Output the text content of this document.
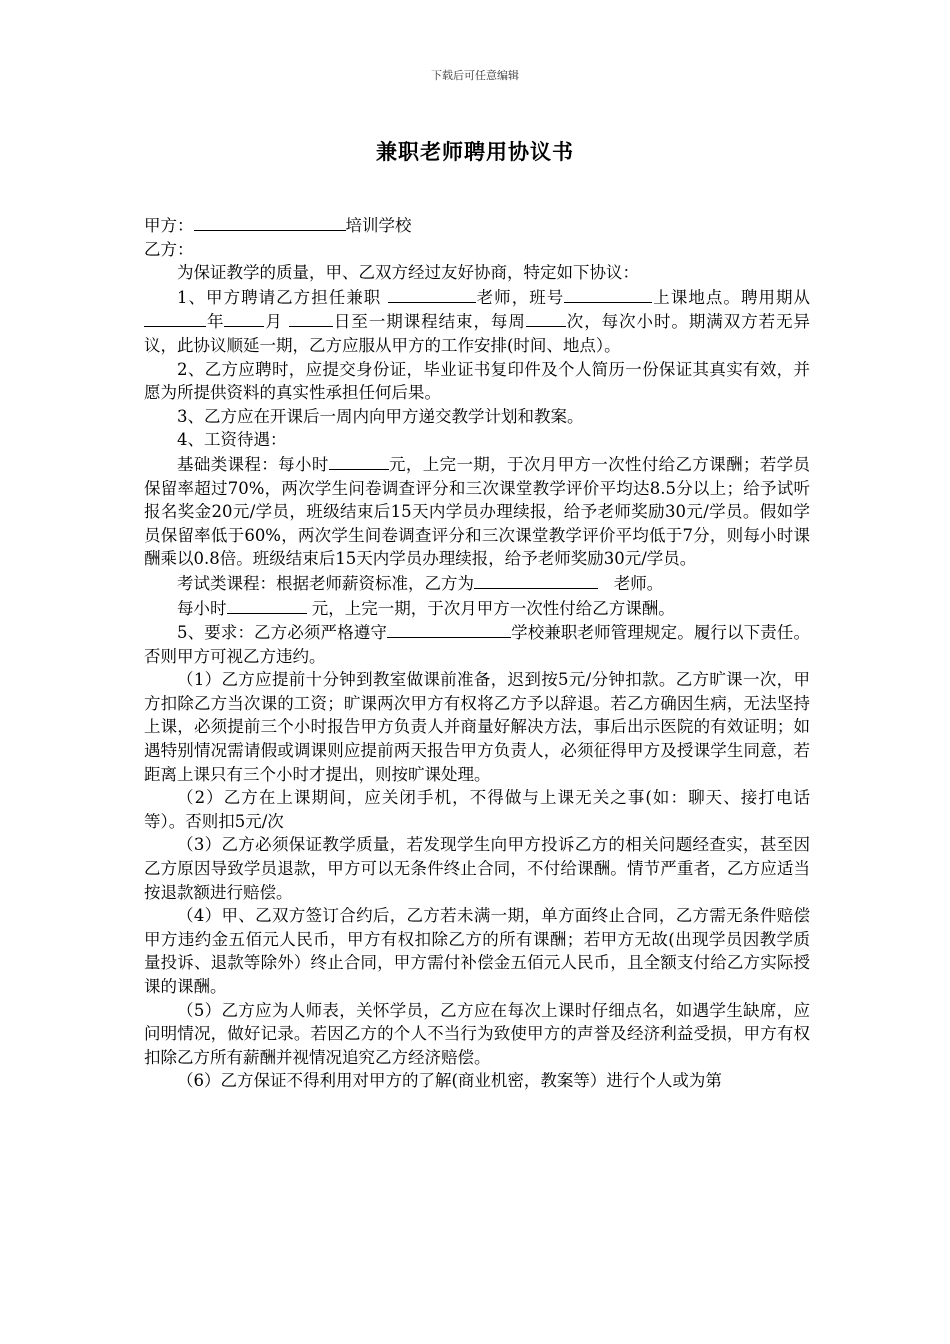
下载后可任意编辑
兼职老师聘用协议书

甲方：	培训学校

乙方：

为保证教学的质量，甲、乙双方经过友好协商，特定如下协议：

1、甲方聘请乙方担任兼职	老师，班号	上课地点。聘用期从 年 月	日至一期课程结束，每周 次，每次小时。期满双方若无异议，此协议顺延一期，乙方应服从甲方的工作安排(时间、地点）。

2、乙方应聘时，应提交身份证，毕业证书复印件及个人简历一份保证其真实有效，并愿为所提供资料的真实性承担任何后果。

3、乙方应在开课后一周内向甲方递交教学计划和教案。

4、工资待遇：

基础类课程：每小时	元，上完一期，于次月甲方一次性付给乙方课酬；若学员保留率超过70%，两次学生问卷调查评分和三次课堂教学评价平均达8.5分以上；给予试听报名奖金20元/学员，班级结束后15天内学员办理续报，给予老师奖励30元/学员。假如学员保留率低于60%，两次学生间卷调查评分和三次课堂教学评价平均低于7分，则每小时课酬乘以0.8倍。班级结束后15天内学员办理续报，给予老师奖励30元/学员。

考试类课程：根据老师薪资标准，乙方为	老师。

每小时	元，上完一期，于次月甲方一次性付给乙方课酬。

5、要求：乙方必须严格遵守	学校兼职老师管理规定。履行以下责任。否则甲方可视乙方违约。

（1）乙方应提前十分钟到教室做课前准备，迟到按5元/分钟扣款。乙方旷课一次，甲方扣除乙方当次课的工资；旷课两次甲方有权将乙方予以辞退。若乙方确因生病，无法坚持上课，必须提前三个小时报告甲方负责人并商量好解决方法，事后出示医院的有效证明；如遇特别情况需请假或调课则应提前两天报告甲方负责人，必须征得甲方及授课学生同意，若距离上课只有三个小时才提出，则按旷课处理。

（2）乙方在上课期间，应关闭手机，不得做与上课无关之事(如：聊天、接打电话等）。否则扣5元/次

（3）乙方必须保证教学质量，若发现学生向甲方投诉乙方的相关问题经查实，甚至因乙方原因导致学员退款，甲方可以无条件终止合同，不付给课酬。情节严重者，乙方应适当按退款额进行赔偿。

（4）甲、乙双方签订合约后，乙方若未满一期，单方面终止合同，乙方需无条件赔偿甲方违约金五佰元人民币，甲方有权扣除乙方的所有课酬；若甲方无故(出现学员因教学质量投诉、退款等除外）终止合同，甲方需付补偿金五佰元人民币，且全额支付给乙方实际授课的课酬。

（5）乙方应为人师表，关怀学员，乙方应在每次上课时仔细点名，如遇学生缺席，应问明情况，做好记录。若因乙方的个人不当行为致使甲方的声誉及经济利益受损，甲方有权扣除乙方所有薪酬并视情况追究乙方经济赔偿。

（6）乙方保证不得利用对甲方的了解(商业机密，教案等）进行个人或为第
